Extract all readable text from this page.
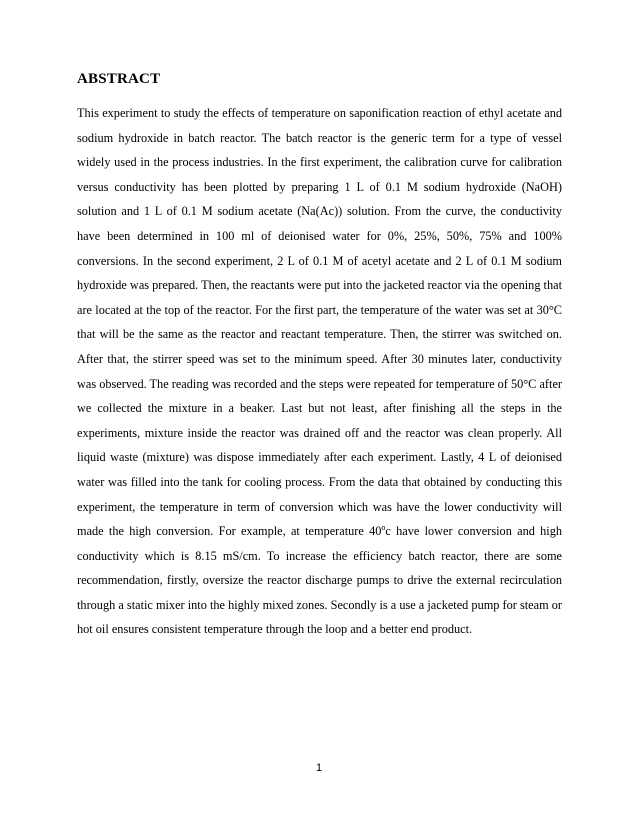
ABSTRACT

This experiment to study the effects of temperature on saponification reaction of ethyl acetate and sodium hydroxide in batch reactor. The batch reactor is the generic term for a type of vessel widely used in the process industries. In the first experiment, the calibration curve for calibration versus conductivity has been plotted by preparing 1 L of 0.1 M sodium hydroxide (NaOH) solution and 1 L of 0.1 M sodium acetate (Na(Ac)) solution. From the curve, the conductivity have been determined in 100 ml of deionised water for 0%, 25%, 50%, 75% and 100% conversions. In the second experiment, 2 L of 0.1 M of acetyl acetate and 2 L of 0.1 M sodium hydroxide was prepared. Then, the reactants were put into the jacketed reactor via the opening that are located at the top of the reactor. For the first part, the temperature of the water was set at 30°C that will be the same as the reactor and reactant temperature. Then, the stirrer was switched on. After that, the stirrer speed was set to the minimum speed. After 30 minutes later, conductivity was observed. The reading was recorded and the steps were repeated for temperature of 50°C after we collected the mixture in a beaker. Last but not least, after finishing all the steps in the experiments, mixture inside the reactor was drained off and the reactor was clean properly. All liquid waste (mixture) was dispose immediately after each experiment. Lastly, 4 L of deionised water was filled into the tank for cooling process. From the data that obtained by conducting this experiment, the temperature in term of conversion which was have the lower conductivity will made the high conversion. For example, at temperature 40$^o$c have lower conversion and high conductivity which is 8.15 mS/cm. To increase the efficiency batch reactor, there are some recommendation, firstly, oversize the reactor discharge pumps to drive the external recirculation through a static mixer into the highly mixed zones. Secondly is a use a jacketed pump for steam or hot oil ensures consistent temperature through the loop and a better end product.

1
